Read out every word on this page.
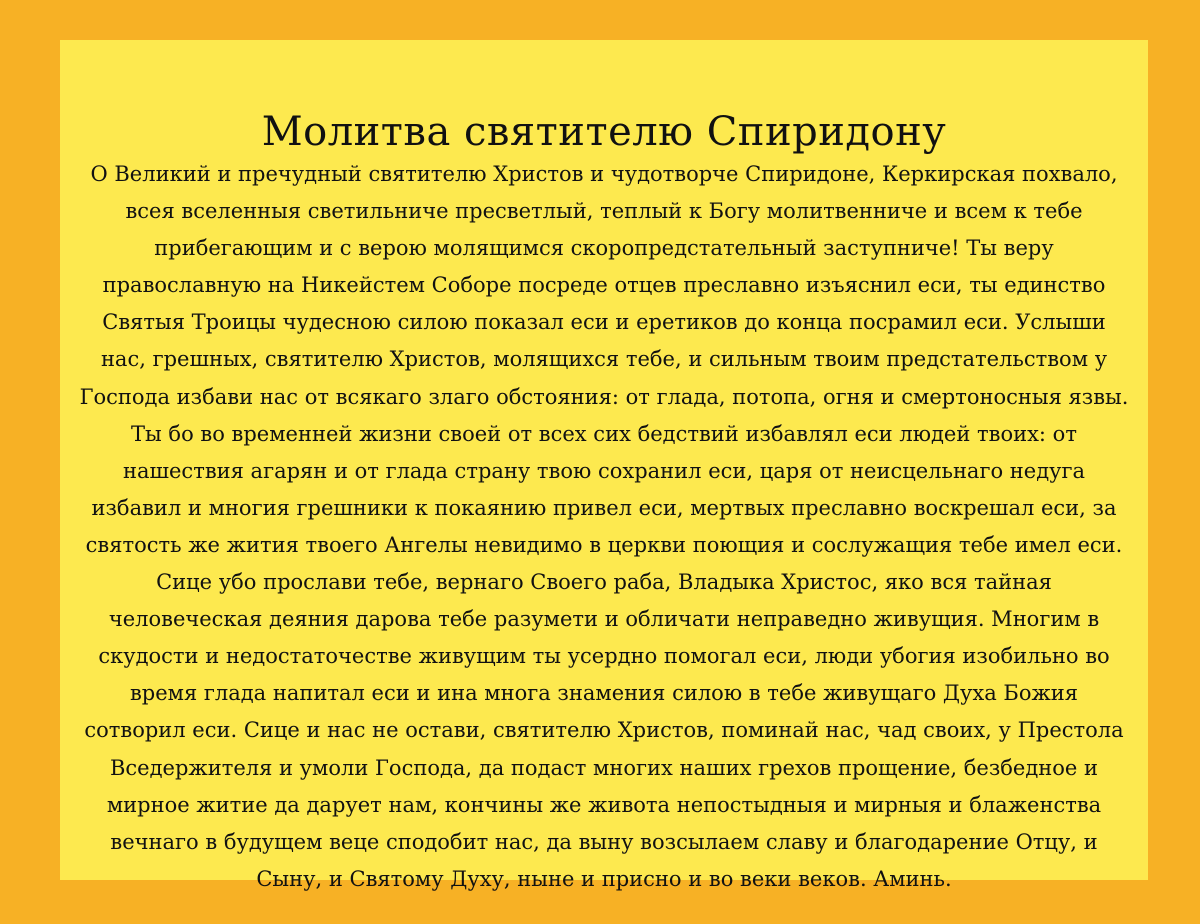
Молитва святителю Спиридону
О Великий и пречудный святителю Христов и чудотворче Спиридоне, Керкирская похвало,
всея вселенныя светильниче пресветлый, теплый к Богу молитвенниче и всем к тебе
прибегающим и с верою молящимся скоропредстательный заступниче! Ты веру
православную на Никейстем Соборе посреде отцев преславно изъяснил еси, ты единство
Святыя Троицы чудесною силою показал еси и еретиков до конца посрамил еси. Услыши
нас, грешных, святителю Христов, молящихся тебе, и сильным твоим предстательством у
Господа избави нас от всякаго злаго обстояния: от глада, потопа, огня и смертоносныя язвы.
Ты бо во временней жизни своей от всех сих бедствий избавлял еси людей твоих: от
нашествия агарян и от глада страну твою сохранил еси, царя от неисцельнаго недуга
избавил и многия грешники к покаянию привел еси, мертвых преславно воскрешал еси, за
святость же жития твоего Ангелы невидимо в церкви поющия и сослужащия тебе имел еси.
Сице убо прослави тебе, вернаго Своего раба, Владыка Христос, яко вся тайная
человеческая деяния дарова тебе разумети и обличати неправедно живущия. Многим в
скудости и недостаточестве живущим ты усердно помогал еси, люди убогия изобильно во
время глада напитал еси и ина многа знамения силою в тебе живущаго Духа Божия
сотворил еси. Сице и нас не остави, святителю Христов, поминай нас, чад своих, у Престола
Вседержителя и умоли Господа, да подаст многих наших грехов прощение, безбедное и
мирное житие да дарует нам, кончины же живота непостыдныя и мирныя и блаженства
вечнаго в будущем веце сподобит нас, да выну возсылаем славу и благодарение Отцу, и
Сыну, и Святому Духу, ныне и присно и во веки веков. Аминь.
